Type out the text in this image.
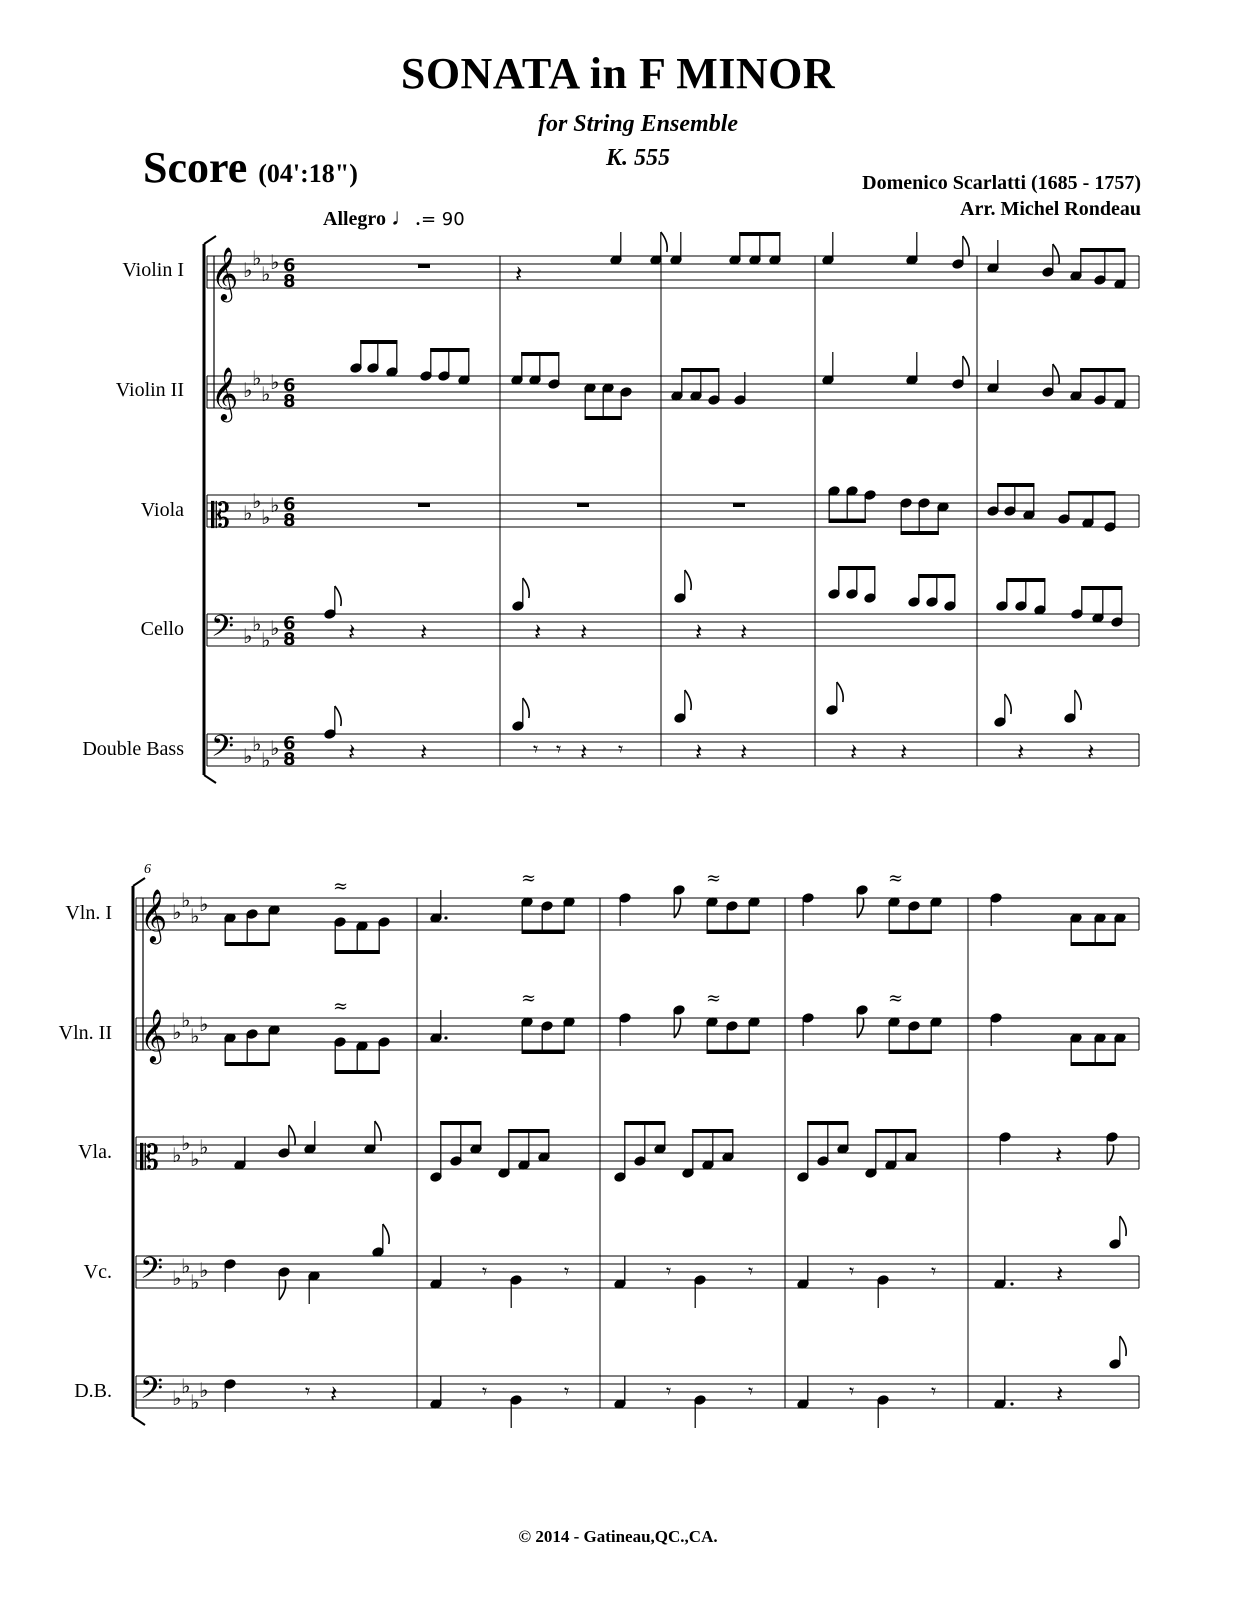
SONATA in F MINOR
for String Ensemble
K. 555
Score (04':18")	Domenico Scarlatti (1685 - 1757)
Arr. Michel Rondeau
Allegro ♩.= 90
Violin I
Violin II
Viola
Cello
Double Bass
6
Vln. I
Vln. II
Vla.
Vc.
D.B.
𝄞 ♭ ♭
♭ ♭ 6
8
𝄞 ♭ ♭
♭ ♭ 6
8
𝄡 ♭ ♭
♭ ♭ 6
8
𝄢 ♭ ♭
♭ ♭ 6
8
𝄢 ♭ ♭
♭ ♭ 6
8
𝄽
𝄽	𝄽	𝄽 𝄽	𝄽 𝄽
𝄽	𝄽	𝄾 𝄾 𝄽 𝄾	𝄽 𝄽	𝄽 𝄽	𝄽	𝄽
𝄞 ♭ ♭
♭ ♭
𝄞 ♭ ♭
♭ ♭
𝄡 ♭ ♭
♭ ♭
𝄢 ♭ ♭
♭ ♭
𝄢 ♭ ♭
♭ ♭
≈	≈	≈	≈
≈	≈	≈	≈
𝄽
𝄾	𝄾	𝄾	𝄾	𝄾	𝄾	𝄽
𝄾 𝄽	𝄾	𝄾	𝄾	𝄾	𝄾	𝄾	𝄽
© 2014 - Gatineau,QC.,CA.
